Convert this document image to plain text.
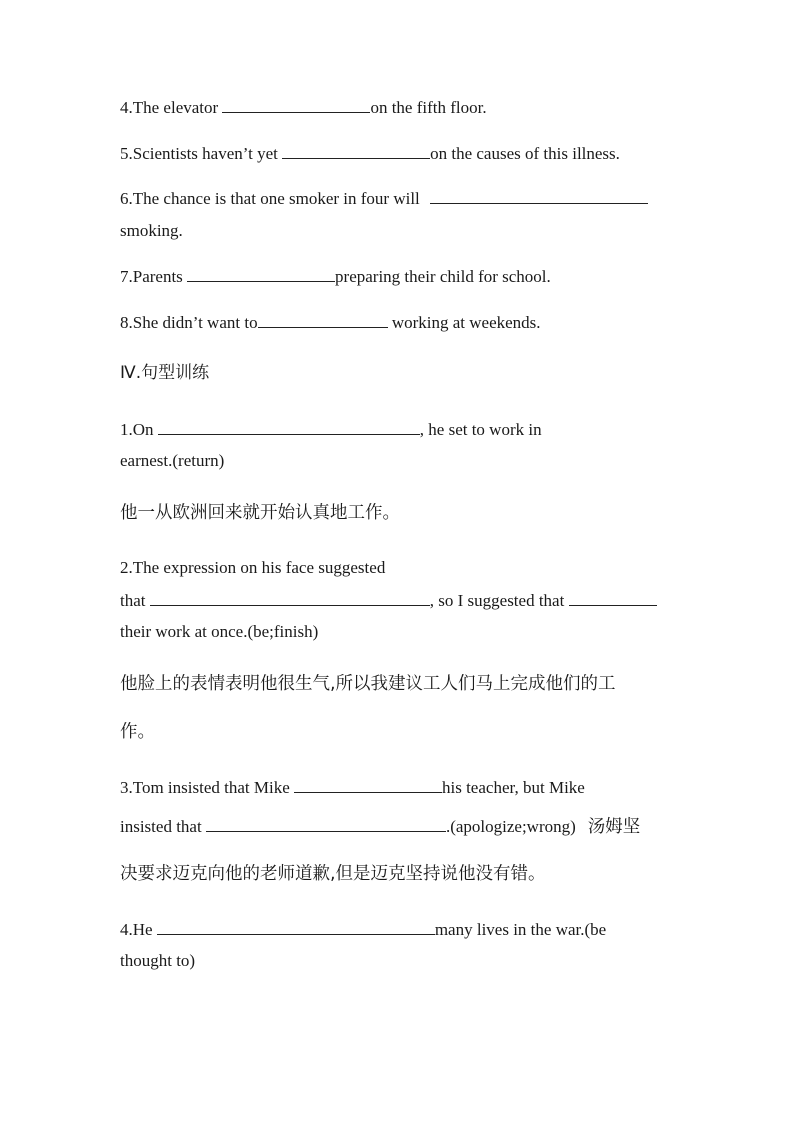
4.The elevator	on the fifth floor.
5.Scientists haven’t yet	on the causes of this illness.
6.The chance is that one smoker in four will
smoking.
7.Parents	preparing their child for school.
8.She didn’t want to	working at weekends.
Ⅳ.句型训练
1.On	, he set to work in
earnest.(return)
他一从欧洲回来就开始认真地工作。
2.The expression on his face suggested
that	, so I suggested that
their work at once.(be;finish)
他脸上的表情表明他很生气,所以我建议工人们马上完成他们的工
作。
3.Tom insisted that Mike	his teacher, but Mike
insisted that	.(apologize;wrong) 汤姆坚
决要求迈克向他的老师道歉,但是迈克坚持说他没有错。
4.He	many lives in the war.(be
thought to)
